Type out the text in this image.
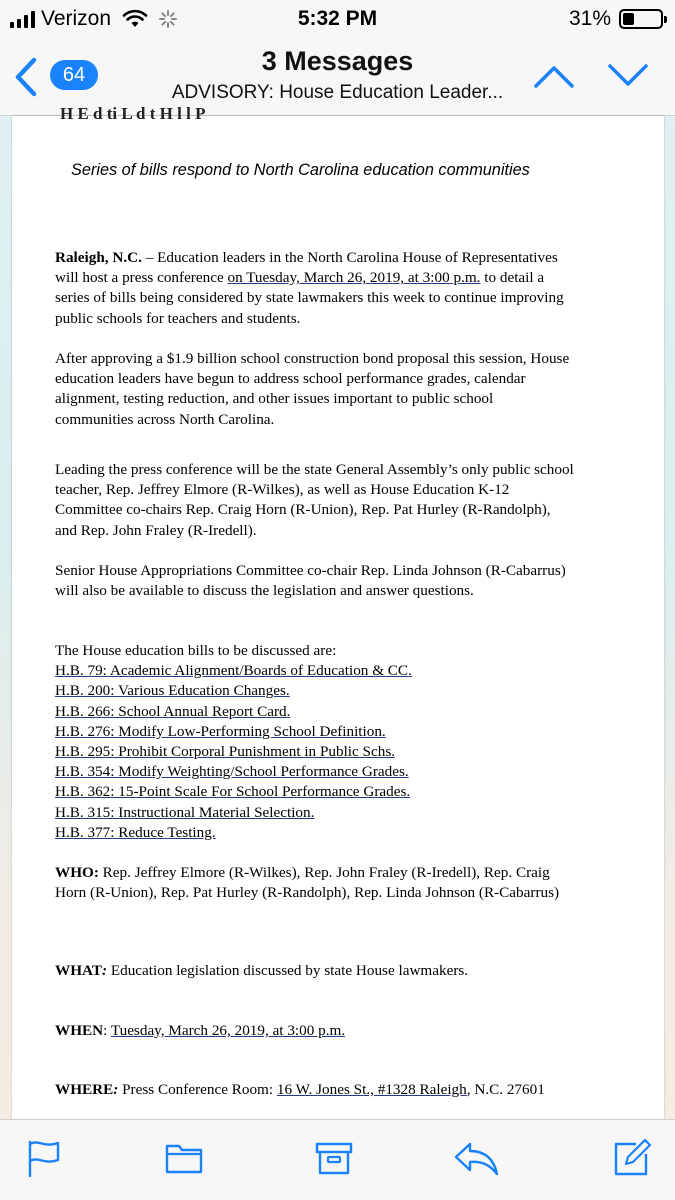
Verizon	5:32 PM	31%
64	3 Messages
ADVISORY: House Education Leader...
H E d ti L d t H l l P
Series of bills respond to North Carolina education communities
Raleigh, N.C. – Education leaders in the North Carolina House of Representatives will host a press conference on Tuesday, March 26, 2019, at 3:00 p.m. to detail a series of bills being considered by state lawmakers this week to continue improving public schools for teachers and students.
After approving a $1.9 billion school construction bond proposal this session, House education leaders have begun to address school performance grades, calendar alignment, testing reduction, and other issues important to public school communities across North Carolina.
Leading the press conference will be the state General Assembly’s only public school teacher, Rep. Jeffrey Elmore (R-Wilkes), as well as House Education K-12 Committee co-chairs Rep. Craig Horn (R-Union), Rep. Pat Hurley (R-Randolph), and Rep. John Fraley (R-Iredell).
Senior House Appropriations Committee co-chair Rep. Linda Johnson (R-Cabarrus) will also be available to discuss the legislation and answer questions.
The House education bills to be discussed are:
H.B. 79: Academic Alignment/Boards of Education & CC.
H.B. 200: Various Education Changes.
H.B. 266: School Annual Report Card.
H.B. 276: Modify Low-Performing School Definition.
H.B. 295: Prohibit Corporal Punishment in Public Schs.
H.B. 354: Modify Weighting/School Performance Grades.
H.B. 362: 15-Point Scale For School Performance Grades.
H.B. 315: Instructional Material Selection.
H.B. 377: Reduce Testing.
WHO: Rep. Jeffrey Elmore (R-Wilkes), Rep. John Fraley (R-Iredell), Rep. Craig Horn (R-Union), Rep. Pat Hurley (R-Randolph), Rep. Linda Johnson (R-Cabarrus)
WHAT: Education legislation discussed by state House lawmakers.
WHEN: Tuesday, March 26, 2019, at 3:00 p.m.
WHERE: Press Conference Room: 16 W. Jones St., #1328 Raleigh, N.C. 27601
